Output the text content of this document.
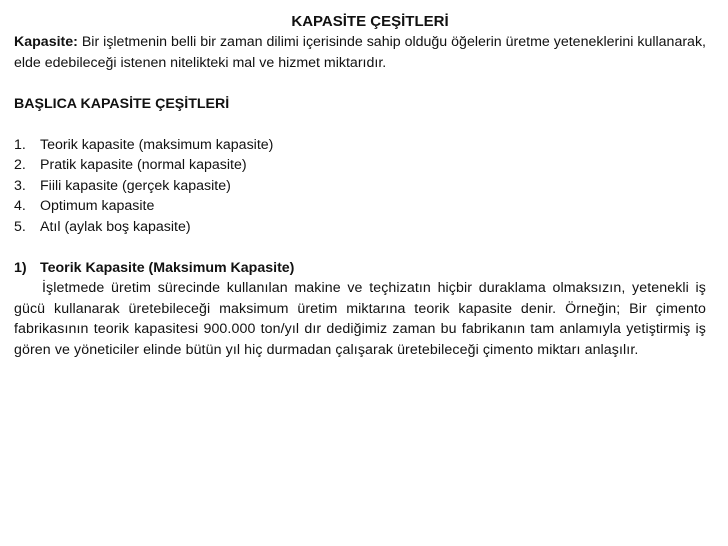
KAPASİTE ÇEŞİTLERİ

Kapasite: Bir işletmenin belli bir zaman dilimi içerisinde sahip olduğu öğelerin üretme yeteneklerini kullanarak, elde edebileceği istenen nitelikteki mal ve hizmet miktarıdır.

BAŞLICA KAPASİTE ÇEŞİTLERİ

1. Teorik kapasite (maksimum kapasite)
2. Pratik kapasite (normal kapasite)
3. Fiili kapasite (gerçek kapasite)
4. Optimum kapasite
5. Atıl (aylak boş kapasite)

1) Teorik Kapasite (Maksimum Kapasite)

İşletmede üretim sürecinde kullanılan makine ve teçhizatın hiçbir duraklama olmaksızın, yetenekli iş gücü kullanarak üretebileceği maksimum üretim miktarına teorik kapasite denir. Örneğin; Bir çimento fabrikasının teorik kapasitesi 900.000 ton/yıl dır dediğimiz zaman bu fabrikanın tam anlamıyla yetiştirmiş iş gören ve yöneticiler elinde bütün yıl hiç durmadan çalışarak üretebileceği çimento miktarı anlaşılır.
